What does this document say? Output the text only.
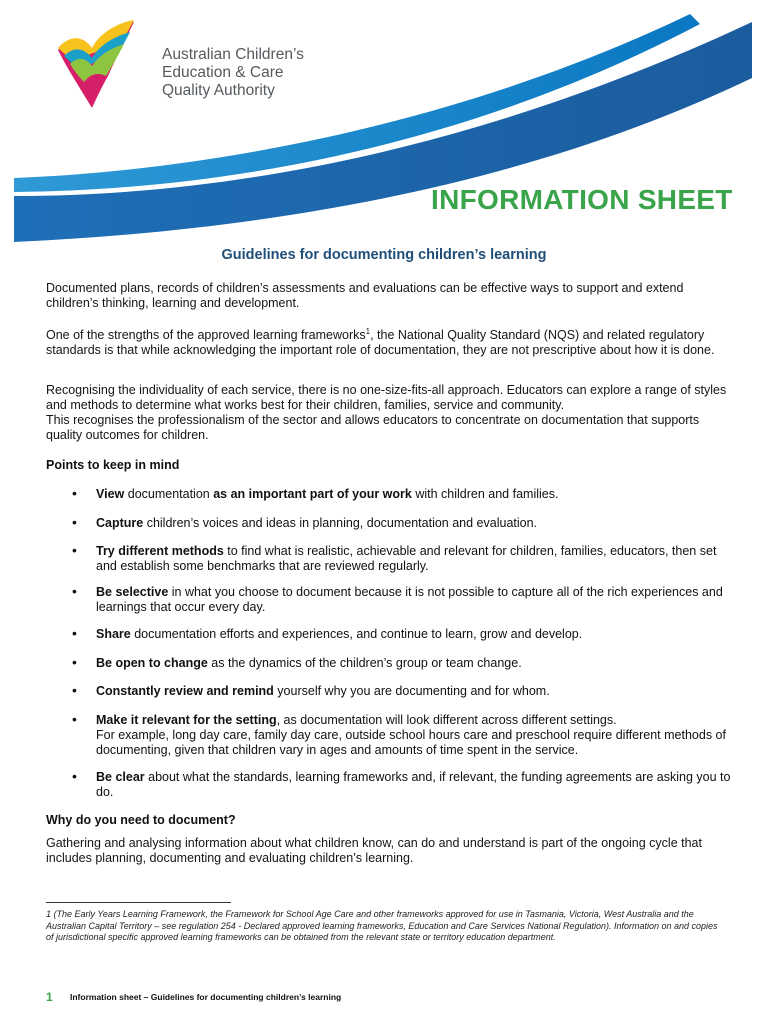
Australian Children’s
Education & Care
Quality Authority
INFORMATION SHEET
Guidelines for documenting children’s learning

Documented plans, records of children’s assessments and evaluations can be effective ways to support and extend children’s thinking, learning and development.

One of the strengths of the approved learning frameworks$^1$, the National Quality Standard (NQS) and related regulatory standards is that while acknowledging the important role of documentation, they are not prescriptive about how it is done.

Recognising the individuality of each service, there is no one-size-fits-all approach. Educators can explore a range of styles and methods to determine what works best for their children, families, service and community.

This recognises the professionalism of the sector and allows educators to concentrate on documentation that supports quality outcomes for children.

Points to keep in mind
• View documentation as an important part of your work with children and families.
• Capture children’s voices and ideas in planning, documentation and evaluation.
• Try different methods to find what is realistic, achievable and relevant for children, families, educators, then set and establish some benchmarks that are reviewed regularly.
• Be selective in what you choose to document because it is not possible to capture all of the rich experiences and learnings that occur every day.
• Share documentation efforts and experiences, and continue to learn, grow and develop.
• Be open to change as the dynamics of the children’s group or team change.
• Constantly review and remind yourself why you are documenting and for whom.
• Make it relevant for the setting, as documentation will look different across different settings.
For example, long day care, family day care, outside school hours care and preschool require different methods of documenting, given that children vary in ages and amounts of time spent in the service.
• Be clear about what the standards, learning frameworks and, if relevant, the funding agreements are asking you to do.
Why do you need to document?

Gathering and analysing information about what children know, can do and understand is part of the ongoing cycle that includes planning, documenting and evaluating children’s learning.

1 (The Early Years Learning Framework, the Framework for School Age Care and other frameworks approved for use in Tasmania, Victoria, West Australia and the Australian Capital Territory – see regulation 254 - Declared approved learning frameworks, Education and Care Services National Regulation). Information on and copies of jurisdictional specific approved learning frameworks can be obtained from the relevant state or territory education department.
1 Information sheet – Guidelines for documenting children’s learning
